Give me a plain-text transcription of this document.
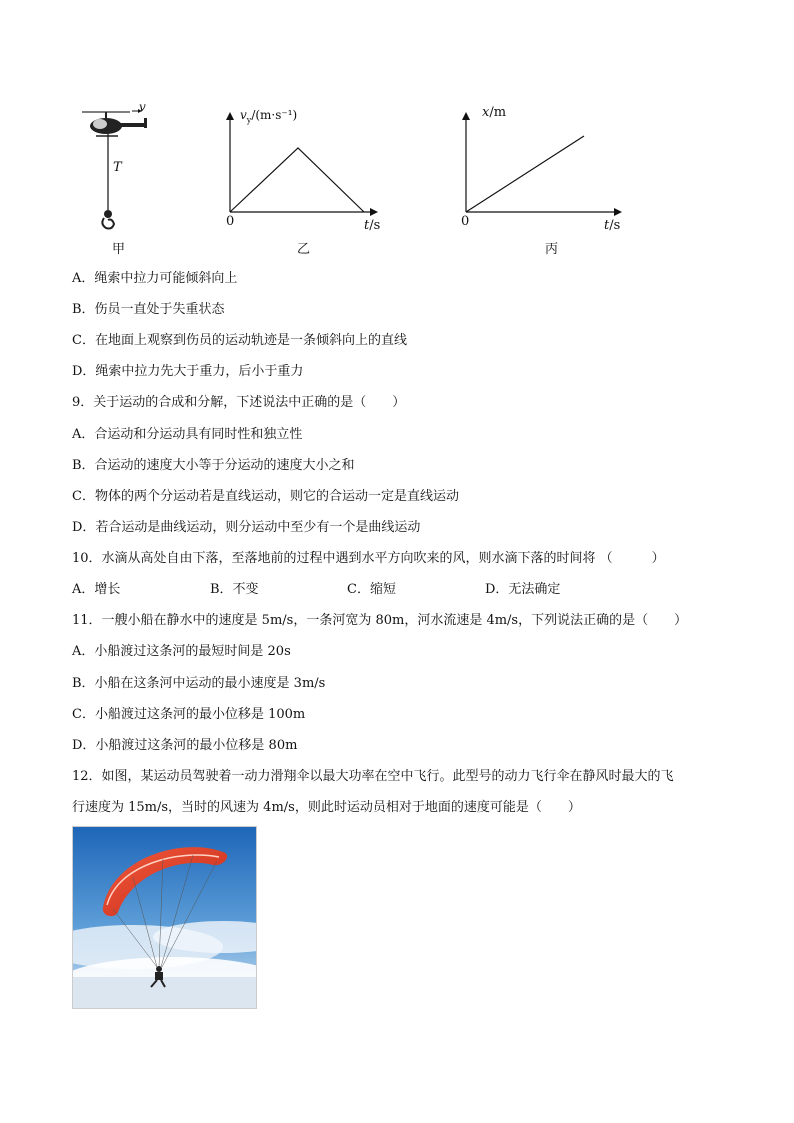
v
T
甲
$v_y/(m\cdot s^{-1})$
0	t/s
乙
x/m
0	t/s
丙
A．绳索中拉力可能倾斜向上
B．伤员一直处于失重状态
C．在地面上观察到伤员的运动轨迹是一条倾斜向上的直线
D．绳索中拉力先大于重力，后小于重力
9．关于运动的合成和分解，下述说法中正确的是（　　）
A．合运动和分运动具有同时性和独立性
B．合运动的速度大小等于分运动的速度大小之和
C．物体的两个分运动若是直线运动，则它的合运动一定是直线运动
D．若合运动是曲线运动，则分运动中至少有一个是曲线运动
10．水滴从高处自由下落，至落地前的过程中遇到水平方向吹来的风，则水滴下落的时间将 （　　　）
A．增长	B．不变	C．缩短	D．无法确定
11．一艘小船在静水中的速度是 5m/s，一条河宽为 80m，河水流速是 4m/s，下列说法正确的是（　　）
A．小船渡过这条河的最短时间是 20s
B．小船在这条河中运动的最小速度是 3m/s
C．小船渡过这条河的最小位移是 100m
D．小船渡过这条河的最小位移是 80m
12．如图，某运动员驾驶着一动力滑翔伞以最大功率在空中飞行。此型号的动力飞行伞在静风时最大的飞
行速度为 15m/s，当时的风速为 4m/s，则此时运动员相对于地面的速度可能是（　　）
